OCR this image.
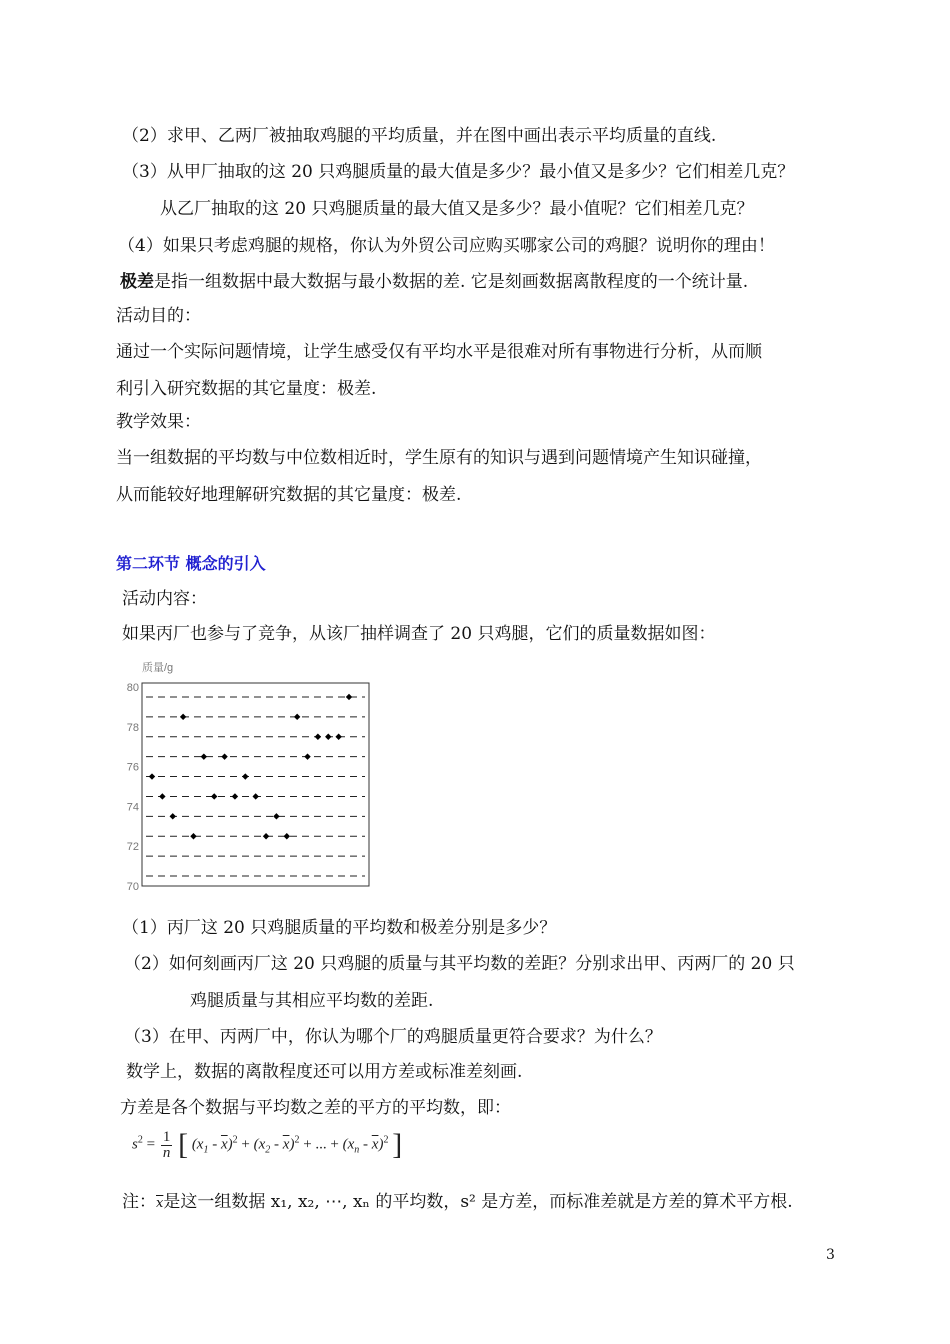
（2）求甲、乙两厂被抽取鸡腿的平均质量，并在图中画出表示平均质量的直线.
（3）从甲厂抽取的这 20 只鸡腿质量的最大值是多少？最小值又是多少？它们相差几克？
从乙厂抽取的这 20 只鸡腿质量的最大值又是多少？最小值呢？它们相差几克？
（4）如果只考虑鸡腿的规格，你认为外贸公司应购买哪家公司的鸡腿？说明你的理由！
极差是指一组数据中最大数据与最小数据的差. 它是刻画数据离散程度的一个统计量.
活动目的：
通过一个实际问题情境，让学生感受仅有平均水平是很难对所有事物进行分析，从而顺
利引入研究数据的其它量度：极差.
教学效果：
当一组数据的平均数与中位数相近时，学生原有的知识与遇到问题情境产生知识碰撞，
从而能较好地理解研究数据的其它量度：极差.
第二环节 概念的引入
活动内容：
如果丙厂也参与了竞争，从该厂抽样调查了 20 只鸡腿，它们的质量数据如图：
质量/g
80
78
76
74
72
70
（1）丙厂这 20 只鸡腿质量的平均数和极差分别是多少？
（2）如何刻画丙厂这 20 只鸡腿的质量与其平均数的差距？分别求出甲、丙两厂的 20 只
鸡腿质量与其相应平均数的差距.
（3）在甲、丙两厂中，你认为哪个厂的鸡腿质量更符合要求？为什么？
数学上，数据的离散程度还可以用方差或标准差刻画.
方差是各个数据与平均数之差的平方的平均数，即：
$s^2 = \frac{1}{n}$ [ $(x_1 - \overline{x})^2 + (x_2 - \overline{x})^2$ + ... + $(x_n - \overline{x})^2$ ]
注：$\overline{x}$是这一组数据 x₁, x₂, ⋯, xₙ 的平均数，s² 是方差，而标准差就是方差的算术平方根.
3
